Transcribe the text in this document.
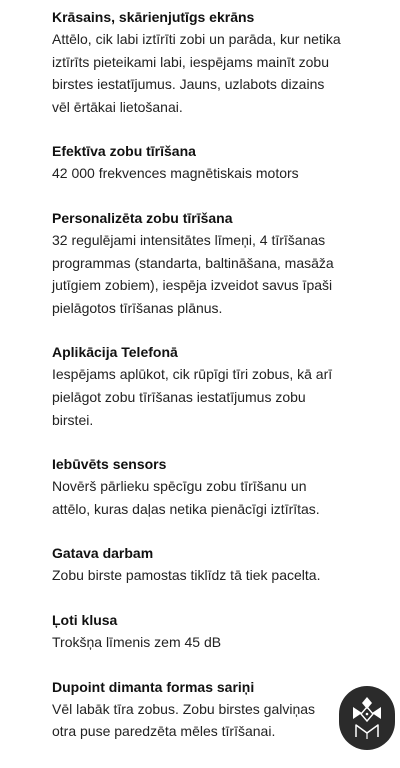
Krāsains, skārienjutīgs ekrāns

Attēlo, cik labi iztīrīti zobi un parāda, kur netika
iztīrīts pieteikami labi, iespējams mainīt zobu
birstes iestatījumus. Jauns, uzlabots dizains
vēl ērtākai lietošanai.

Efektīva zobu tīrīšana

42 000 frekvences magnētiskais motors

Personalizēta zobu tīrīšana

32 regulējami intensitātes līmeņi, 4 tīrīšanas
programmas (standarta, baltināšana, masāža
jutīgiem zobiem), iespēja izveidot savus īpaši
pielāgotos tīrīšanas plānus.

Aplikācija Telefonā

Iespējams aplūkot, cik rūpīgi tīri zobus, kā arī
pielāgot zobu tīrīšanas iestatījumus zobu
birstei.

Iebūvēts sensors

Novērš pārlieku spēcīgu zobu tīrīšanu un
attēlo, kuras daļas netika pienācīgi iztīrītas.

Gatava darbam

Zobu birste pamostas tiklīdz tā tiek pacelta.

Ļoti klusa

Trokšņa līmenis zem 45 dB

Dupoint dimanta formas sariņi

Vēl labāk tīra zobus. Zobu birstes galviņas
otra puse paredzēta mēles tīrīšanai.
